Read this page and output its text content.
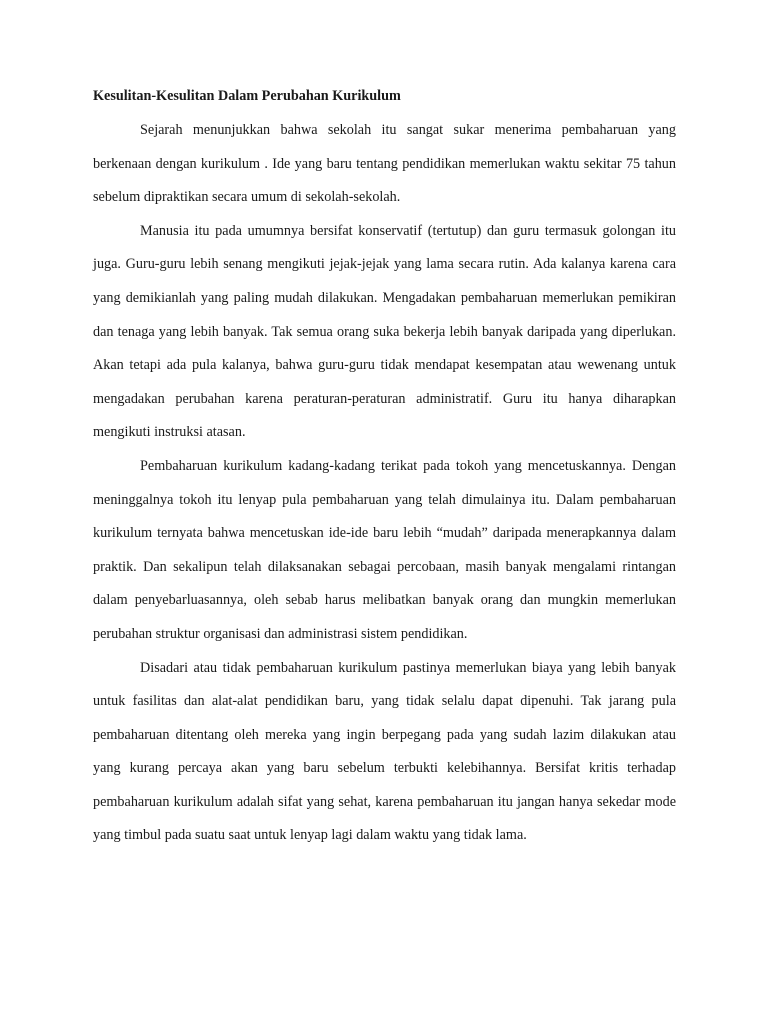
Kesulitan-Kesulitan Dalam Perubahan Kurikulum

Sejarah menunjukkan bahwa sekolah itu sangat sukar menerima pembaharuan yang berkenaan dengan kurikulum . Ide yang baru tentang pendidikan memerlukan waktu sekitar 75 tahun sebelum dipraktikan secara umum di sekolah-sekolah.

Manusia itu pada umumnya bersifat konservatif (tertutup) dan guru termasuk golongan itu juga. Guru-guru lebih senang mengikuti jejak-jejak yang lama secara rutin. Ada kalanya karena cara yang demikianlah yang paling mudah dilakukan. Mengadakan pembaharuan memerlukan pemikiran dan tenaga yang lebih banyak. Tak semua orang suka bekerja lebih banyak daripada yang diperlukan. Akan tetapi ada pula kalanya, bahwa guru-guru tidak mendapat kesempatan atau wewenang untuk mengadakan perubahan karena peraturan-peraturan administratif. Guru itu hanya diharapkan mengikuti instruksi atasan.

Pembaharuan kurikulum kadang-kadang terikat pada tokoh yang mencetuskannya. Dengan meninggalnya tokoh itu lenyap pula pembaharuan yang telah dimulainya itu. Dalam pembaharuan kurikulum ternyata bahwa mencetuskan ide-ide baru lebih “mudah” daripada menerapkannya dalam praktik. Dan sekalipun telah dilaksanakan sebagai percobaan, masih banyak mengalami rintangan dalam penyebarluasannya, oleh sebab harus melibatkan banyak orang dan mungkin memerlukan perubahan struktur organisasi dan administrasi sistem pendidikan.

Disadari atau tidak pembaharuan kurikulum pastinya memerlukan biaya yang lebih banyak untuk fasilitas dan alat-alat pendidikan baru, yang tidak selalu dapat dipenuhi. Tak jarang pula pembaharuan ditentang oleh mereka yang ingin berpegang pada yang sudah lazim dilakukan atau yang kurang percaya akan yang baru sebelum terbukti kelebihannya. Bersifat kritis terhadap pembaharuan kurikulum adalah sifat yang sehat, karena pembaharuan itu jangan hanya sekedar mode yang timbul pada suatu saat untuk lenyap lagi dalam waktu yang tidak lama.
